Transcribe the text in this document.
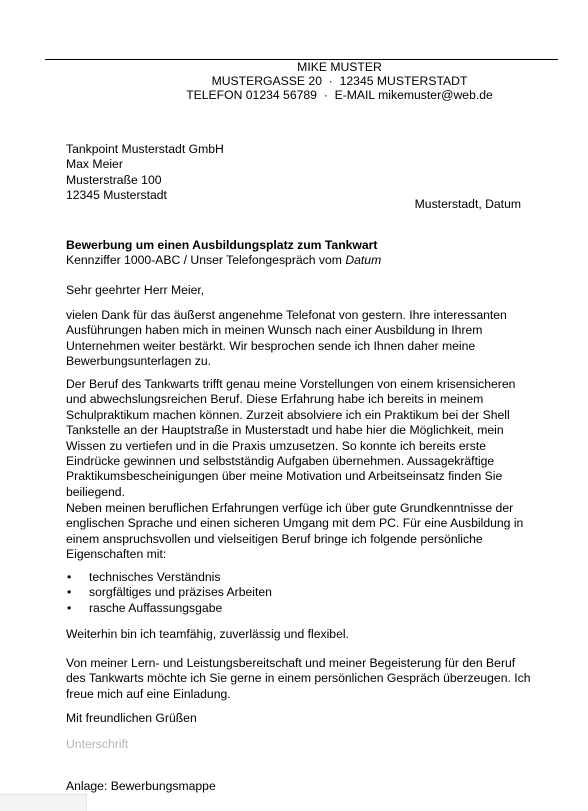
MIKE MUSTER
MUSTERGASSE 20 · 12345 MUSTERSTADT
TELEFON 01234 56789 · E-MAIL mikemuster@web.de
Tankpoint Musterstadt GmbH
Max Meier
Musterstraße 100
12345 Musterstadt
Musterstadt, Datum
Bewerbung um einen Ausbildungsplatz zum Tankwart
Kennziffer 1000-ABC / Unser Telefongespräch vom Datum
Sehr geehrter Herr Meier,

vielen Dank für das äußerst angenehme Telefonat von gestern. Ihre interessanten Ausführungen haben mich in meinen Wunsch nach einer Ausbildung in Ihrem Unternehmen weiter bestärkt. Wir besprochen sende ich Ihnen daher meine Bewerbungsunterlagen zu.

Der Beruf des Tankwarts trifft genau meine Vorstellungen von einem krisensicheren und abwechslungsreichen Beruf. Diese Erfahrung habe ich bereits in meinem Schulpraktikum machen können. Zurzeit absolviere ich ein Praktikum bei der Shell Tankstelle an der Hauptstraße in Musterstadt und habe hier die Möglichkeit, mein Wissen zu vertiefen und in die Praxis umzusetzen. So konnte ich bereits erste Eindrücke gewinnen und selbstständig Aufgaben übernehmen. Aussagekräftige Praktikumsbescheinigungen über meine Motivation und Arbeitseinsatz finden Sie beiliegend.

Neben meinen beruflichen Erfahrungen verfüge ich über gute Grundkenntnisse der englischen Sprache und einen sicheren Umgang mit dem PC. Für eine Ausbildung in einem anspruchsvollen und vielseitigen Beruf bringe ich folgende persönliche Eigenschaften mit:

• technisches Verständnis
• sorgfältiges und präzises Arbeiten
• rasche Auffassungsgabe

Weiterhin bin ich teamfähig, zuverlässig und flexibel.

Von meiner Lern- und Leistungsbereitschaft und meiner Begeisterung für den Beruf des Tankwarts möchte ich Sie gerne in einem persönlichen Gespräch überzeugen. Ich freue mich auf eine Einladung.

Mit freundlichen Grüßen
Unterschrift
Anlage: Bewerbungsmappe
